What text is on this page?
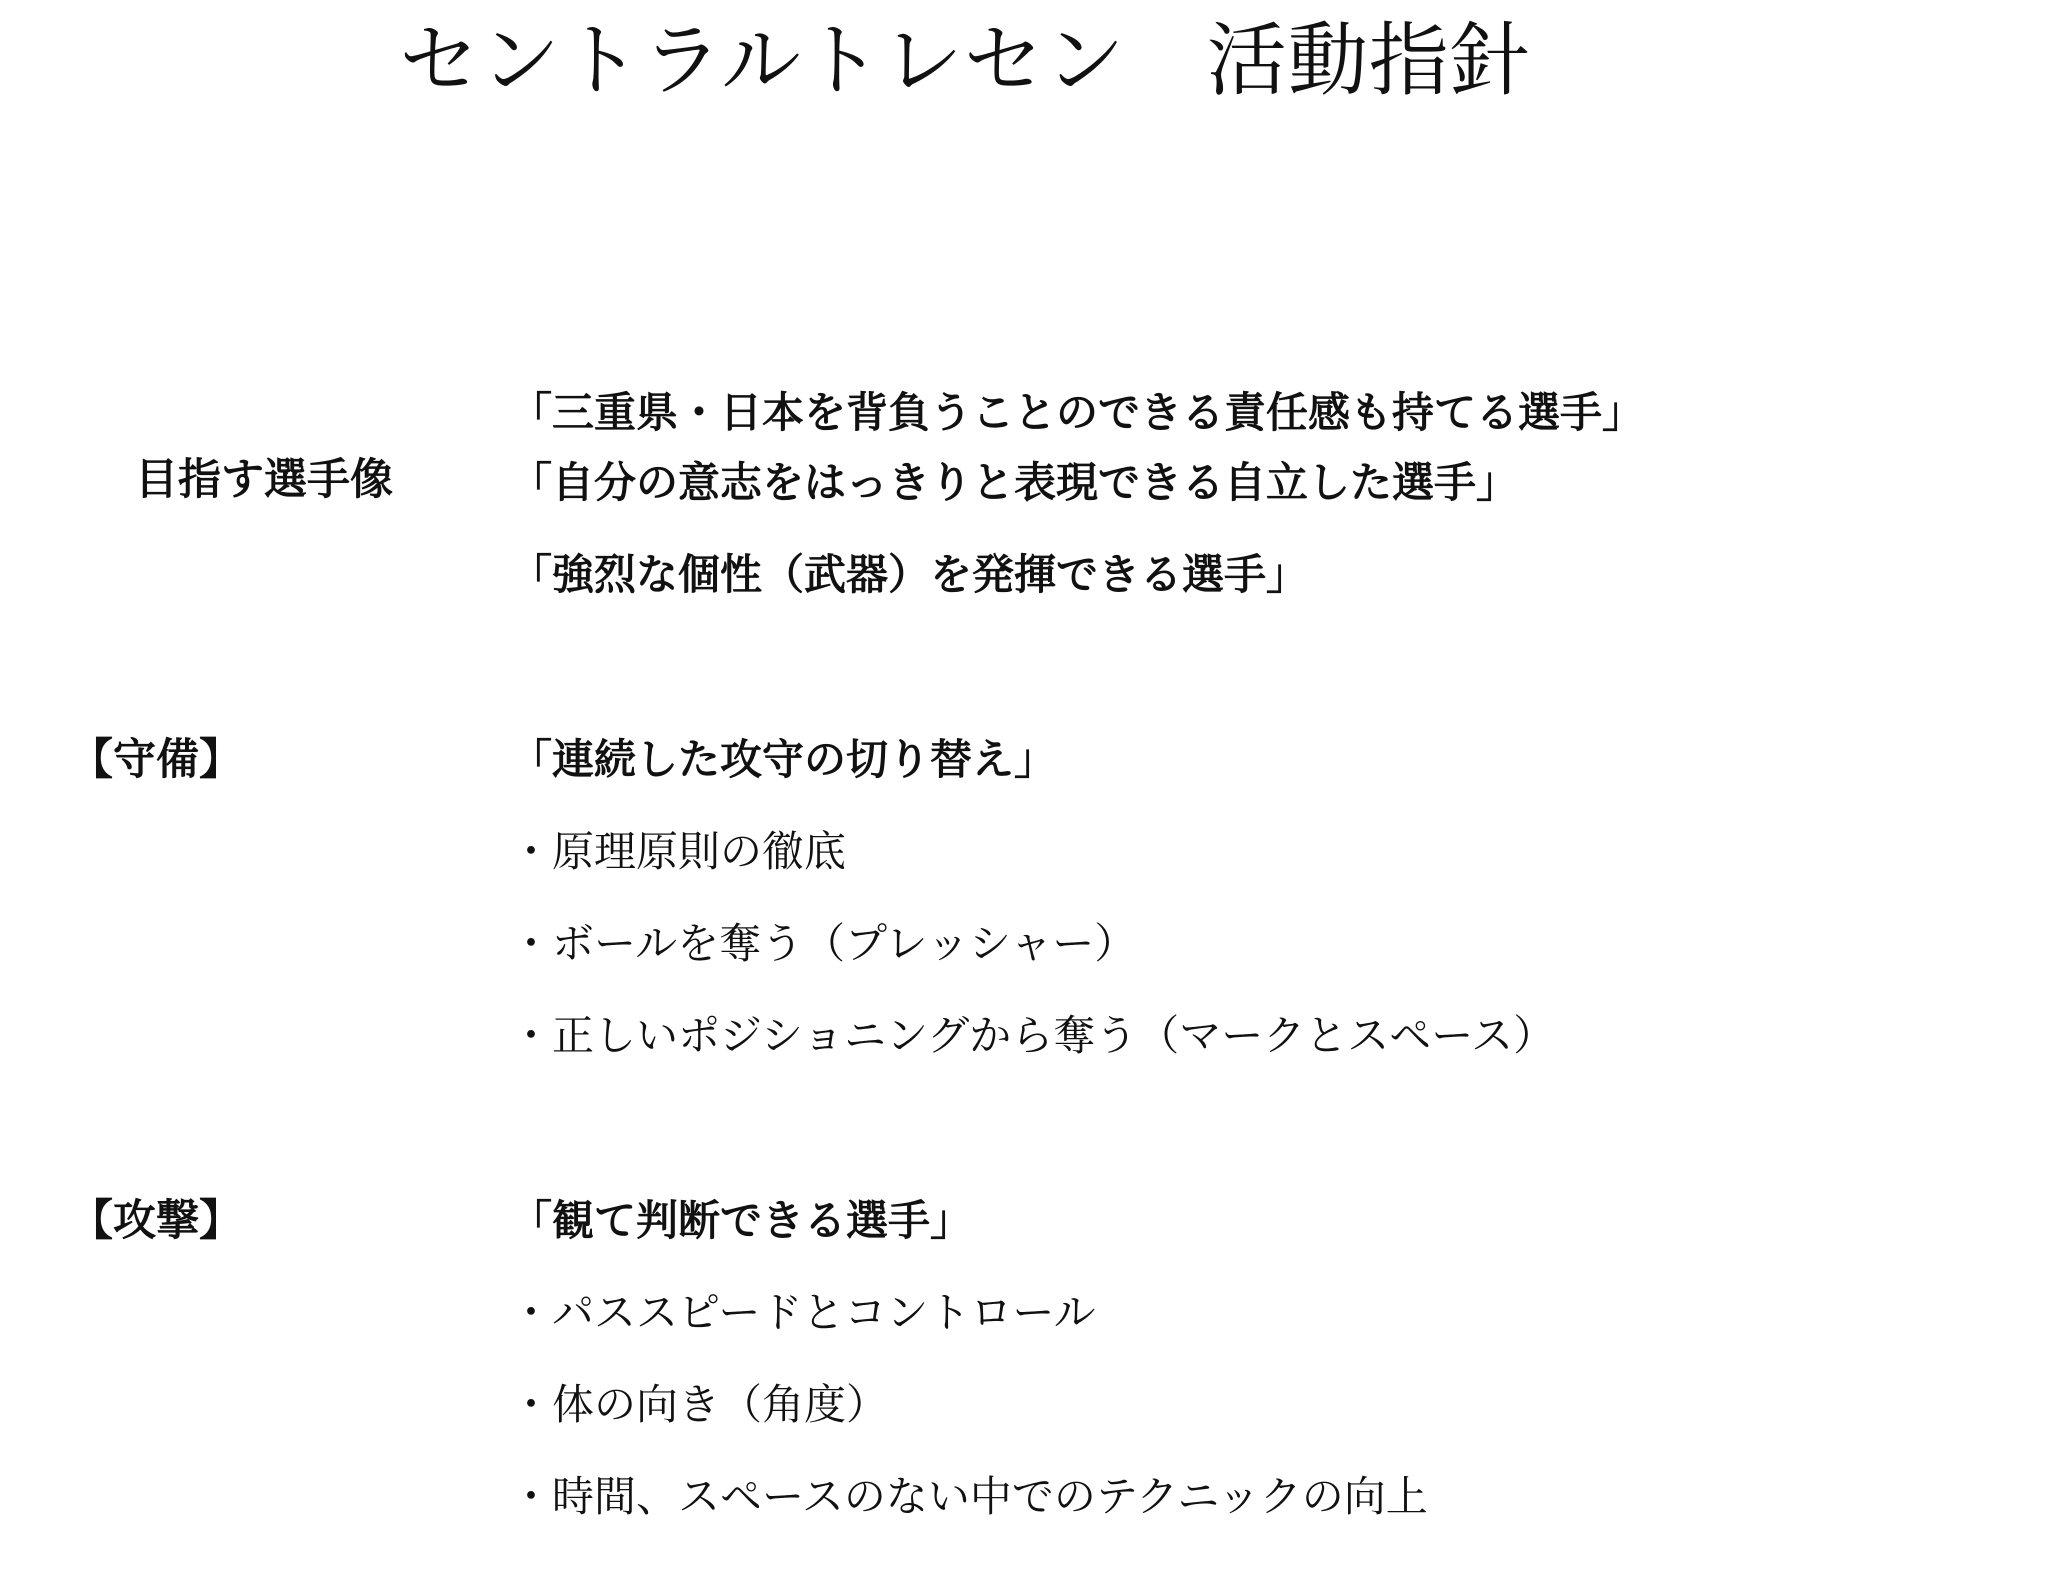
セントラルトレセン　活動指針
目指す選手像
「三重県・日本を背負うことのできる責任感も持てる選手」
「自分の意志をはっきりと表現できる自立した選手」
「強烈な個性（武器）を発揮できる選手」
【守備】	「連続した攻守の切り替え」
・原理原則の徹底
・ボールを奪う（プレッシャー）
・正しいポジショニングから奪う（マークとスペース）
【攻撃】	「観て判断できる選手」
・パススピードとコントロール
・体の向き（角度）
・時間、スペースのない中でのテクニックの向上
